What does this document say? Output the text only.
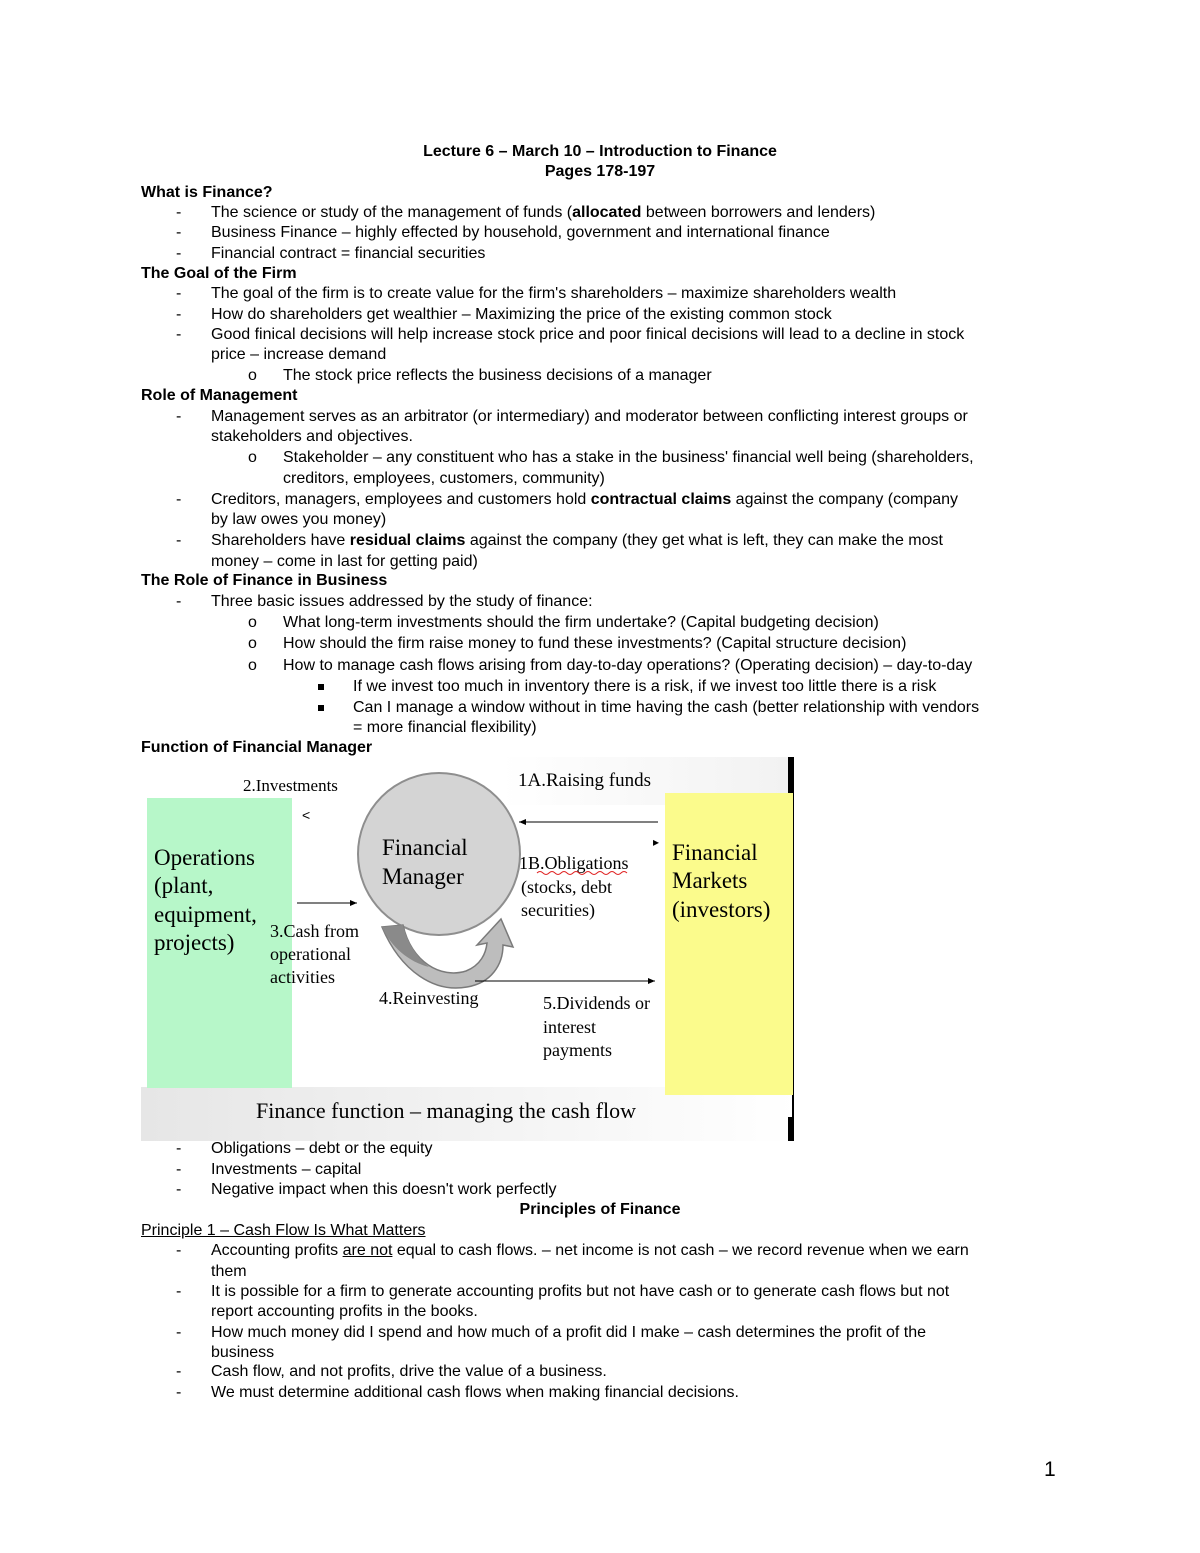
Lecture 6 – March 10 – Introduction to Finance
Pages 178-197
What is Finance?
- The science or study of the management of funds (allocated between borrowers and lenders)
- Business Finance – highly effected by household, government and international finance
- Financial contract = financial securities
The Goal of the Firm
- The goal of the firm is to create value for the firm's shareholders – maximize shareholders wealth
- How do shareholders get wealthier – Maximizing the price of the existing common stock
- Good finical decisions will help increase stock price and poor finical decisions will lead to a decline in stock
price – increase demand
o The stock price reflects the business decisions of a manager
Role of Management
- Management serves as an arbitrator (or intermediary) and moderator between conflicting interest groups or
stakeholders and objectives.
o Stakeholder – any constituent who has a stake in the business' financial well being (shareholders,
creditors, employees, customers, community)
- Creditors, managers, employees and customers hold contractual claims against the company (company
by law owes you money)
- Shareholders have residual claims against the company (they get what is left, they can make the most
money – come in last for getting paid)
The Role of Finance in Business
- Three basic issues addressed by the study of finance:
o What long-term investments should the firm undertake? (Capital budgeting decision)
o How should the firm raise money to fund these investments? (Capital structure decision)
o How to manage cash flows arising from day-to-day operations? (Operating decision) – day-to-day
If we invest too much in inventory there is a risk, if we invest too little there is a risk
Can I manage a window without in time having the cash (better relationship with vendors
= more financial flexibility)
Function of Financial Manager
<
▸
Operations
(plant,
equipment,
projects)
Financial
Manager
Financial
Markets
(investors)
2.Investments	1A.Raising funds
1B.Obligations
(stocks, debt
securities)
3.Cash from
operational
activities
4.Reinvesting	5.Dividends or
interest
payments
Finance function – managing the cash flow
- Obligations – debt or the equity
- Investments – capital
- Negative impact when this doesn't work perfectly
Principles of Finance
Principle 1 – Cash Flow Is What Matters
- Accounting profits are not equal to cash flows. – net income is not cash – we record revenue when we earn
them
- It is possible for a firm to generate accounting profits but not have cash or to generate cash flows but not
report accounting profits in the books.
- How much money did I spend and how much of a profit did I make – cash determines the profit of the
business
- Cash flow, and not profits, drive the value of a business.
- We must determine additional cash flows when making financial decisions.
1
